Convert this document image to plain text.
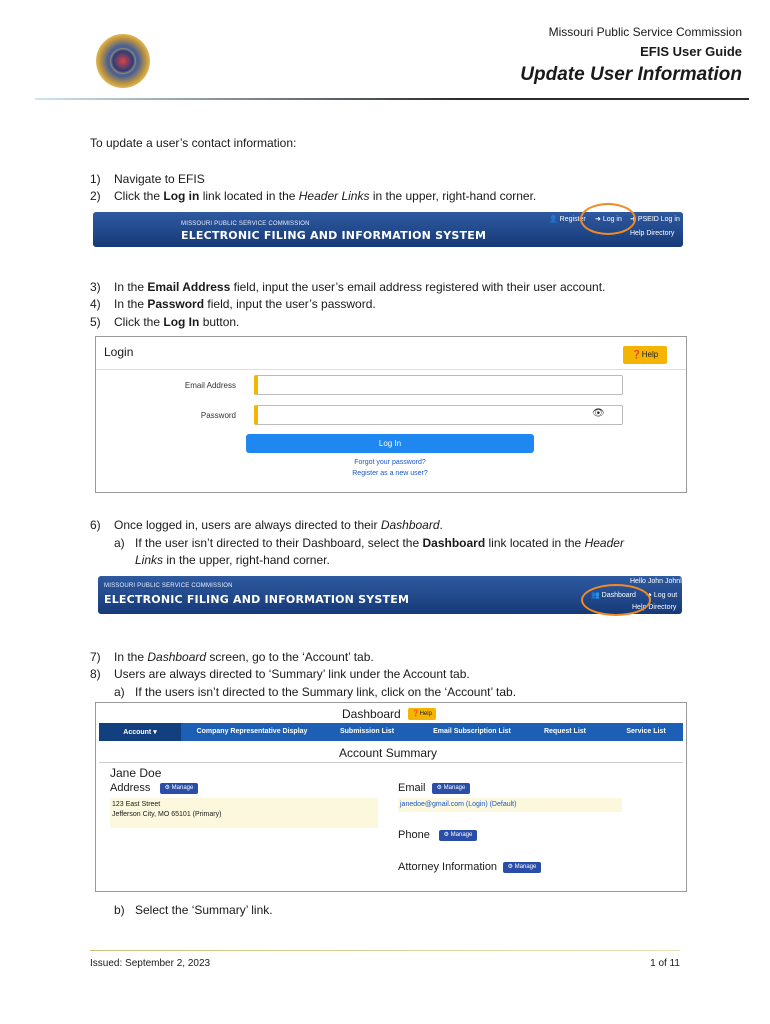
Missouri Public Service Commission
EFIS User Guide
Update User Information
To update a user’s contact information:
1) Navigate to EFIS
2) Click the Log in link located in the Header Links in the upper, right-hand corner.
MISSOURI PUBLIC SERVICE COMMISSION
ELECTRONIC FILING AND INFORMATION SYSTEM
👤 Register ➜ Log in ➜ PSEID Log in
Help Directory
3) In the Email Address field, input the user’s email address registered with their user account.
4) In the Password field, input the user’s password.
5) Click the Log In button.
Login	❓Help
Email Address
Password	👁
Log In
Forgot your password?
Register as a new user?
6) Once logged in, users are always directed to their Dashboard.
a) If the user isn’t directed to their Dashboard, select the Dashboard link located in the Header
Links in the upper, right-hand corner.
MISSOURI PUBLIC SERVICE COMMISSION
ELECTRONIC FILING AND INFORMATION SYSTEM
Hello John Johnl
👥 Dashboard ➜ Log out
Help Directory
7) In the Dashboard screen, go to the ‘Account’ tab.
8) Users are always directed to ‘Summary’ link under the Account tab.
a) If the users isn’t directed to the Summary link, click on the ‘Account’ tab.
Dashboard	❓Help
Account ▾	Company Representative Display	Submission List	Email Subscription List	Request List	Service List
Account Summary
Jane Doe
Address	⚙ Manage
123 East Street
Jefferson City, MO 65101 (Primary)
Email	⚙ Manage
janedoe@gmail.com (Login) (Default)
Phone	⚙ Manage
Attorney Information	⚙ Manage
b) Select the ‘Summary’ link.
Issued: September 2, 2023	1 of 11
